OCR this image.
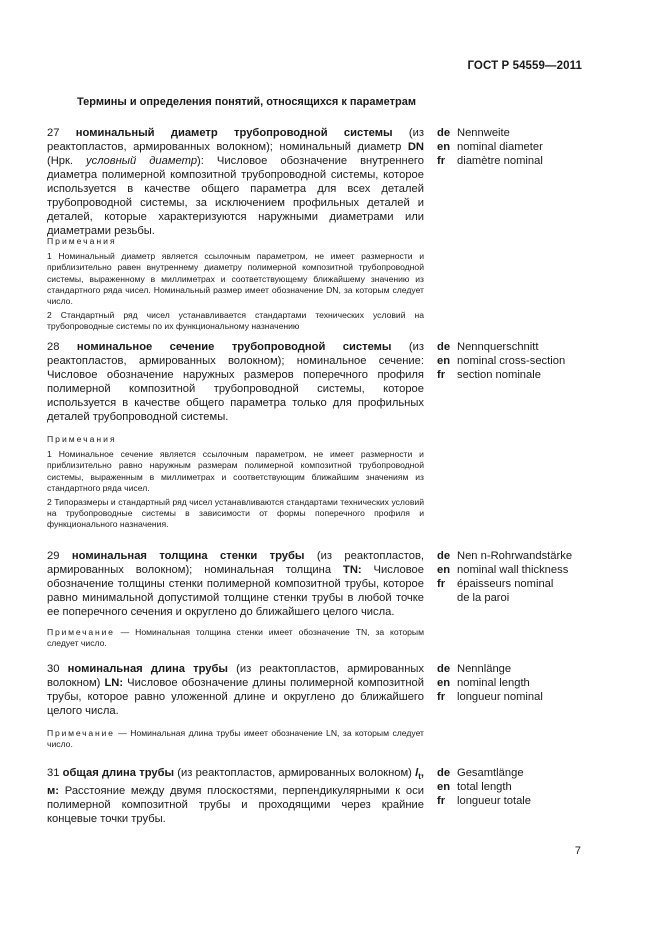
ГОСТ Р 54559—2011
Термины и определения понятий, относящихся к параметрам
27 номинальный диаметр трубопроводной системы (из реактопластов, армированных волокном); номинальный диаметр DN (Нрк. условный диаметр): Числовое обозначение внутреннего диаметра полимерной композитной трубопроводной системы, которое используется в качестве общего параметра для всех деталей трубопроводной системы, за исключением профильных деталей и деталей, которые характеризуются наружными диаметрами или диаметрами резьбы.
Примечания

1 Номинальный диаметр является ссылочным параметром, не имеет размерности и приблизительно равен внутреннему диаметру полимерной композитной трубопроводной системы, выраженному в миллиметрах и соответствующему ближайшему значению из стандартного ряда чисел. Номинальный размер имеет обозначение DN, за которым следует число.

2 Стандартный ряд чисел устанавливается стандартами технических условий на трубопроводные системы по их функциональному назначению

de Nennweite
en nominal diameter
fr diamètre nominal
28 номинальное сечение трубопроводной системы (из реактопластов, армированных волокном); номинальное сечение: Числовое обозначение наружных размеров поперечного профиля полимерной композитной трубопроводной системы, которое используется в качестве общего параметра только для профильных деталей трубопроводной системы.
Примечания

1 Номинальное сечение является ссылочным параметром, не имеет размерности и приблизительно равно наружным размерам полимерной композитной трубопроводной системы, выраженным в миллиметрах и соответствующим ближайшим значениям из стандартного ряда чисел.

2 Типоразмеры и стандартный ряд чисел устанавливаются стандартами технических условий на трубопроводные системы в зависимости от формы поперечного профиля и функционального назначения.

de Nennquerschnitt
en nominal cross-section
fr section nominale
29 номинальная толщина стенки трубы (из реактопластов, армированных волокном); номинальная толщина TN: Числовое обозначение толщины стенки полимерной композитной трубы, которое равно минимальной допустимой толщине стенки трубы в любой точке ее поперечного сечения и округлено до ближайшего целого числа.

Примечание — Номинальная толщина стенки имеет обозначение TN, за которым следует число.

de Nen n-Rohrwandstärke
en nominal wall thickness
fr épaisseurs nominal
de la paroi
30 номинальная длина трубы (из реактопластов, армированных волокном) LN: Числовое обозначение длины полимерной композитной трубы, которое равно уложенной длине и округлено до ближайшего целого числа.

Примечание — Номинальная длина трубы имеет обозначение LN, за которым следует число.

de Nennlänge
en nominal length
fr longueur nominal
31 общая длина трубы (из реактопластов, армированных волокном) $l_t$, м: Расстояние между двумя плоскостями, перпендикулярными к оси полимерной композитной трубы и проходящими через крайние концевые точки трубы.
de Gesamtlänge
en total length
fr longueur totale
7
